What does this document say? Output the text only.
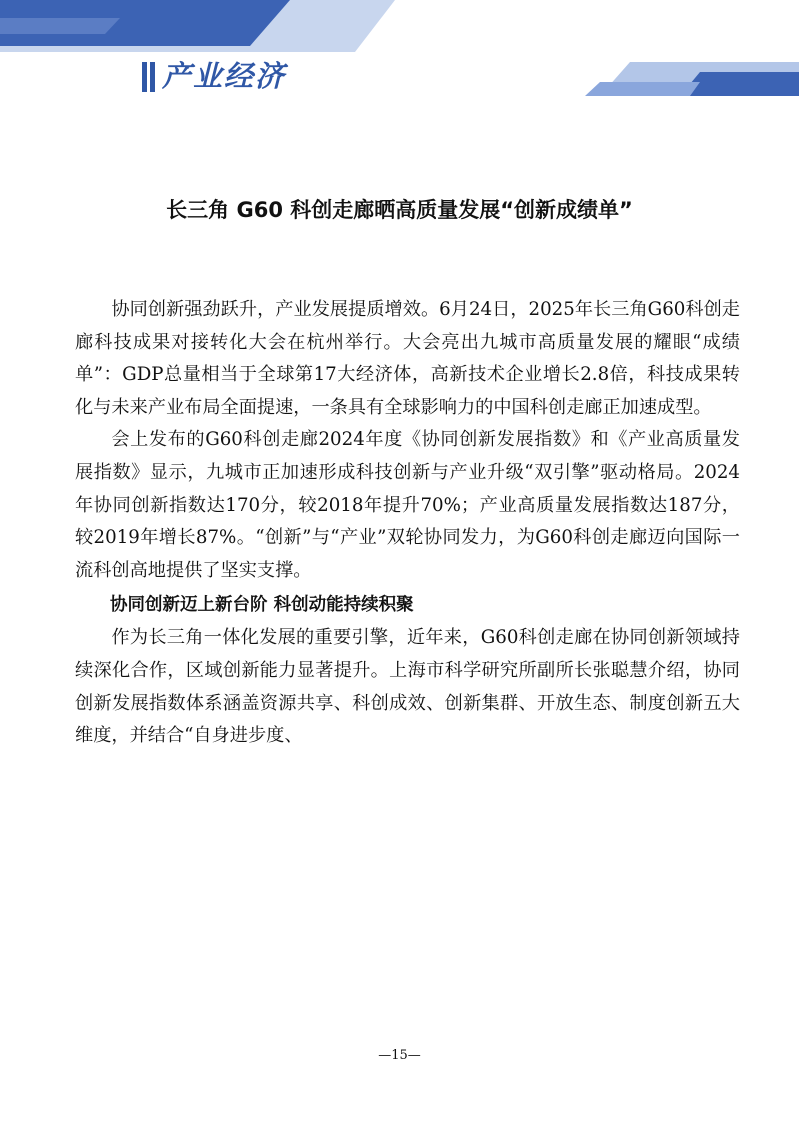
产业经济
长三角 G60 科创走廊晒高质量发展“创新成绩单”

协同创新强劲跃升，产业发展提质增效。6月24日，2025年长三角G60科创走廊科技成果对接转化大会在杭州举行。大会亮出九城市高质量发展的耀眼“成绩单”：GDP总量相当于全球第17大经济体，高新技术企业增长2.8倍，科技成果转化与未来产业布局全面提速，一条具有全球影响力的中国科创走廊正加速成型。

会上发布的G60科创走廊2024年度《协同创新发展指数》和《产业高质量发展指数》显示，九城市正加速形成科技创新与产业升级“双引擎”驱动格局。2024年协同创新指数达170分，较2018年提升70%；产业高质量发展指数达187分，较2019年增长87%。“创新”与“产业”双轮协同发力，为G60科创走廊迈向国际一流科创高地提供了坚实支撑。

协同创新迈上新台阶 科创动能持续积聚

作为长三角一体化发展的重要引擎，近年来，G60科创走廊在协同创新领域持续深化合作，区域创新能力显著提升。上海市科学研究所副所长张聪慧介绍，协同创新发展指数体系涵盖资源共享、科创成效、创新集群、开放生态、制度创新五大维度，并结合“自身进步度、

—15—
